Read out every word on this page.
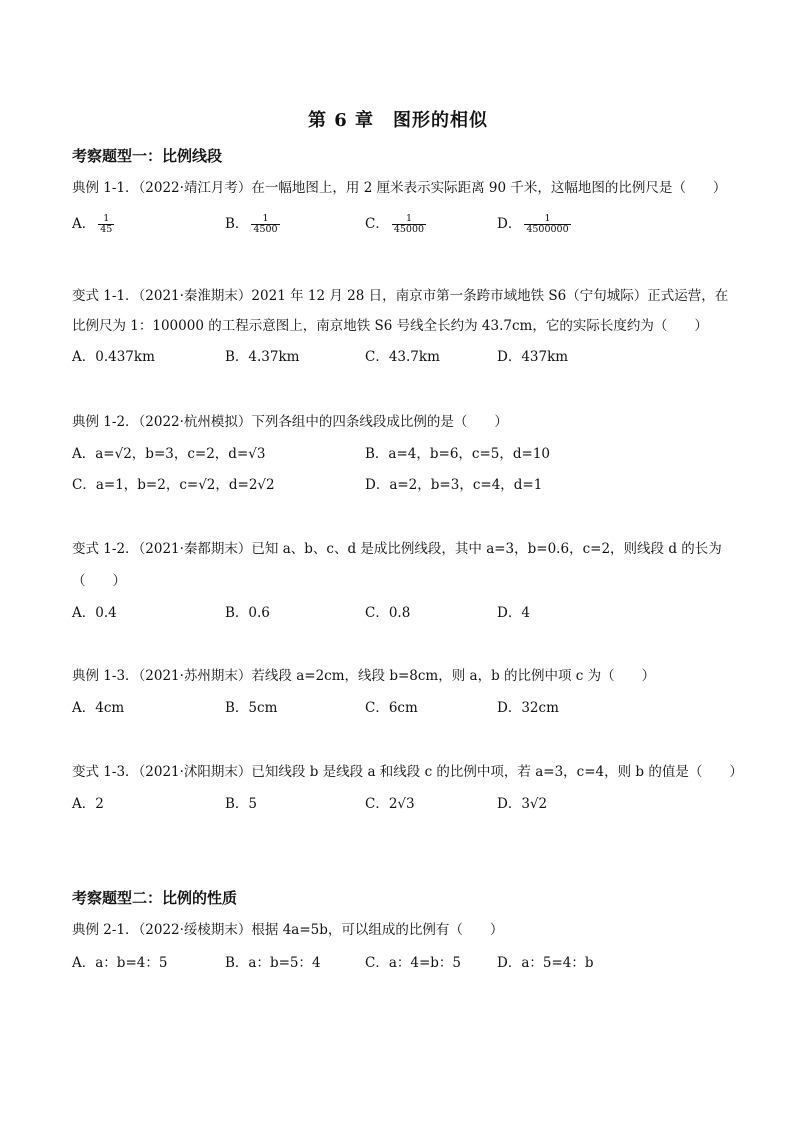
第 6 章　图形的相似
考察题型一：比例线段
典例 1-1．（2022·靖江月考）在一幅地图上，用 2 厘米表示实际距离 90 千米，这幅地图的比例尺是（　　）
A． $\frac{1}{45}$	B． $\frac{1}{4500}$	C． $\frac{1}{45000}$	D． $\frac{1}{4500000}$
变式 1-1．（2021·秦淮期末）2021 年 12 月 28 日，南京市第一条跨市域地铁 S6（宁句城际）正式运营，在
比例尺为 1：100000 的工程示意图上，南京地铁 S6 号线全长约为 43.7cm，它的实际长度约为（　　）
A．0.437km	B．4.37km	C．43.7km	D．437km
典例 1-2．（2022·杭州模拟）下列各组中的四条线段成比例的是（　　）
A．a=√2，b=3，c=2，d=√3	B．a=4，b=6，c=5，d=10
C．a=1，b=2，c=√2，d=2√2	D．a=2，b=3，c=4，d=1
变式 1-2．（2021·秦都期末）已知 a、b、c、d 是成比例线段，其中 a=3，b=0.6，c=2，则线段 d 的长为
（　　）
A．0.4	B．0.6	C．0.8	D．4
典例 1-3．（2021·苏州期末）若线段 a=2cm，线段 b=8cm，则 a，b 的比例中项 c 为（　　）
A．4cm	B．5cm	C．6cm	D．32cm
变式 1-3．（2021·沭阳期末）已知线段 b 是线段 a 和线段 c 的比例中项，若 a=3，c=4，则 b 的值是（　　）
A．2	B．5	C．2√3	D．3√2
考察题型二：比例的性质
典例 2-1．（2022·绥棱期末）根据 4a=5b，可以组成的比例有（　　）
A．a：b=4：5	B．a：b=5：4	C．a：4=b：5	D．a：5=4：b
